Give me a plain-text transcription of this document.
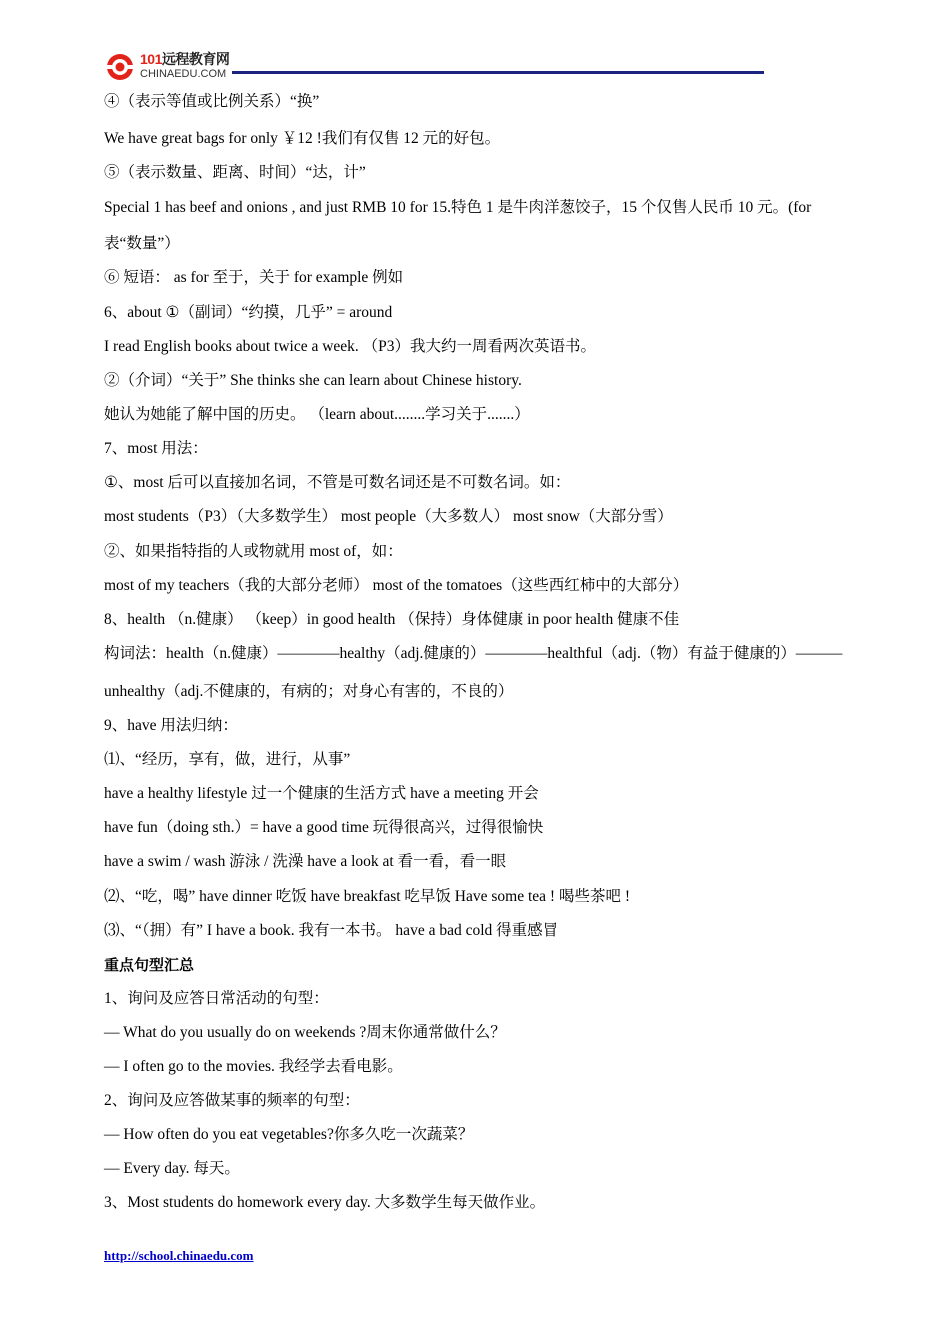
101远程教育网
CHINAEDU.COM
④（表示等值或比例关系）“换”
We have great bags for only ￥12 !我们有仅售 12 元的好包。
⑤（表示数量、距离、时间）“达，计”
Special 1 has beef and onions , and just RMB 10 for 15.特色 1 是牛肉洋葱饺子，15 个仅售人民币 10 元。(for
表“数量”）
⑥ 短语： as for 至于，关于 for example 例如
6、about ①（副词）“约摸，几乎” = around
I read English books about twice a week. （P3）我大约一周看两次英语书。
②（介词）“关于” She thinks she can learn about Chinese history.
她认为她能了解中国的历史。 （learn about........学习关于.......）
7、most 用法：
①、most 后可以直接加名词，不管是可数名词还是不可数名词。如：
most students（P3）（大多数学生） most people（大多数人） most snow（大部分雪）
②、如果指特指的人或物就用 most of，如：
most of my teachers（我的大部分老师） most of the tomatoes（这些西红柿中的大部分）
8、health （n.健康） （keep）in good health （保持）身体健康 in poor health 健康不佳
构词法：health（n.健康）————healthy（adj.健康的）————healthful（adj.（物）有益于健康的）———
unhealthy（adj.不健康的，有病的；对身心有害的，不良的）
9、have 用法归纳：
⑴、“经历，享有，做，进行，从事”
have a healthy lifestyle 过一个健康的生活方式 have a meeting 开会
have fun（doing sth.）= have a good time 玩得很高兴，过得很愉快
have a swim / wash 游泳 / 洗澡 have a look at 看一看，看一眼
⑵、“吃，喝” have dinner 吃饭 have breakfast 吃早饭 Have some tea ! 喝些茶吧 !
⑶、“（拥）有” I have a book. 我有一本书。 have a bad cold 得重感冒
重点句型汇总
1、询问及应答日常活动的句型：
— What do you usually do on weekends ?周末你通常做什么？
— I often go to the movies. 我经学去看电影。
2、询问及应答做某事的频率的句型：
— How often do you eat vegetables?你多久吃一次蔬菜？
— Every day. 每天。
3、Most students do homework every day. 大多数学生每天做作业。
http://school.chinaedu.com
